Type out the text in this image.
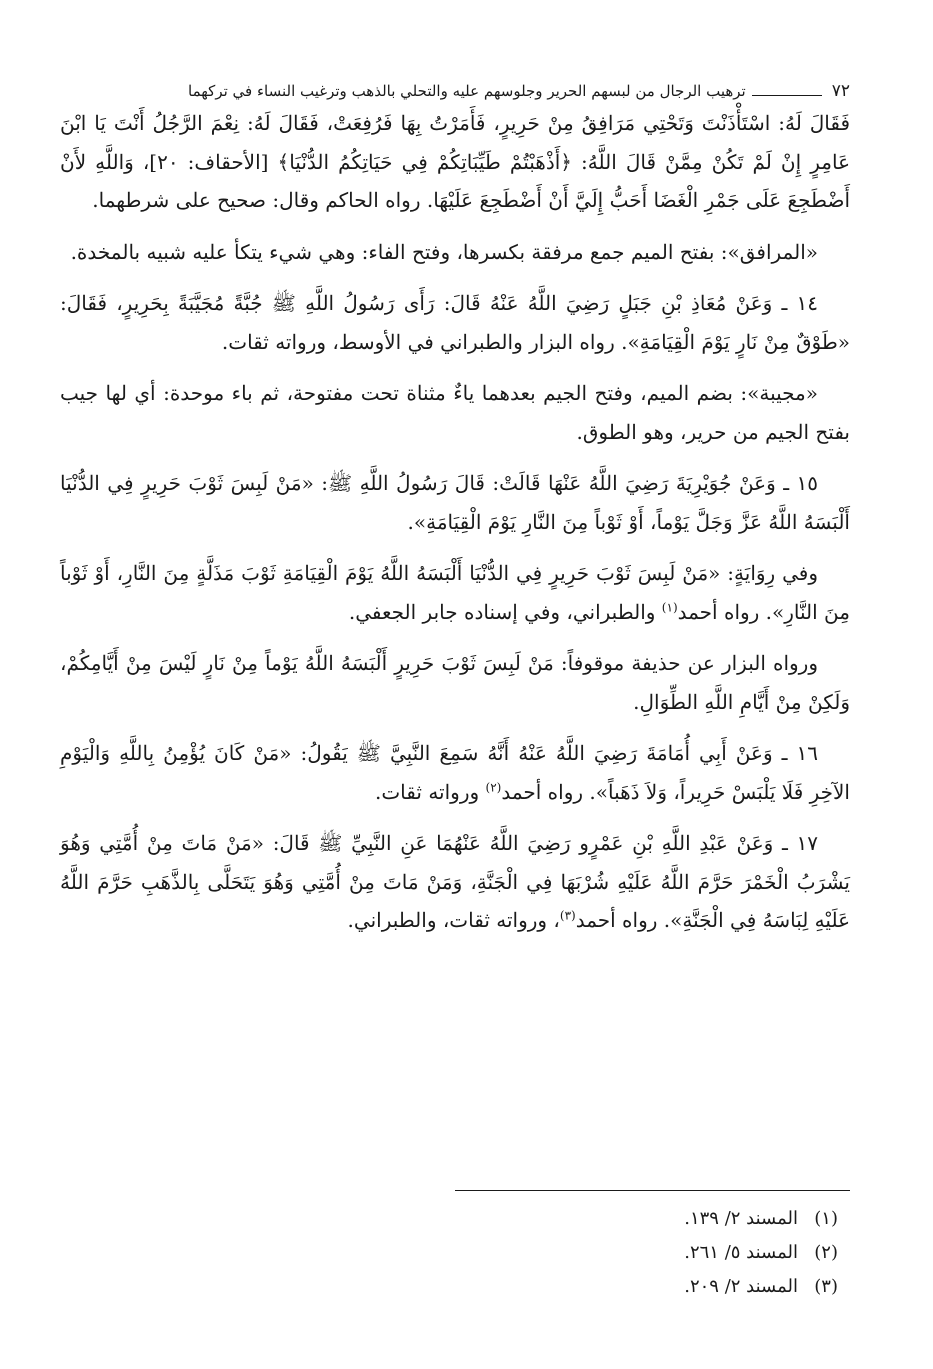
٧٢
ترهيب الرجال من لبسهم الحرير وجلوسهم عليه والتحلي بالذهب وترغيب النساء في تركهما

فَقَالَ لَهُ: اسْتَأْذَنْتَ وَتَحْتِي مَرَافِقُ مِنْ حَرِيرٍ، فَأَمَرْتُ بِهَا فَرُفِعَتْ، فَقَالَ لَهُ: نِعْمَ الرَّجُلُ أَنْتَ يَا ابْنَ عَامِرٍ إِنْ لَمْ تَكُنْ مِمَّنْ قَالَ اللَّهُ: ﴿أَذْهَبْتُمْ طَيِّبَاتِكُمْ فِي حَيَاتِكُمُ الدُّنْيَا﴾ [الأحقاف: ٢٠]، وَاللَّهِ لأَنْ أَضْطَجِعَ عَلَى جَمْرِ الْغَضَا أَحَبُّ إِلَيَّ أَنْ أَضْطَجِعَ عَلَيْهَا. رواه الحاكم وقال: صحيح على شرطهما.

«المرافق»: بفتح الميم جمع مرفقة بكسرها، وفتح الفاء: وهي شيء يتكأ عليه شبيه بالمخدة.

١٤ ـ وَعَنْ مُعَاذِ بْنِ جَبَلٍ رَضِيَ اللَّهُ عَنْهُ قَالَ: رَأَى رَسُولُ اللَّهِ ﷺ جُبَّةً مُجَيَّبَةً بِحَرِيرٍ، فَقَالَ: «طَوْقٌ مِنْ نَارٍ يَوْمَ الْقِيَامَةِ». رواه البزار والطبراني في الأوسط، ورواته ثقات.

«مجيبة»: بضم الميم، وفتح الجيم بعدهما ياءٌ مثناة تحت مفتوحة، ثم باء موحدة: أي لها جيب بفتح الجيم من حرير، وهو الطوق.

١٥ ـ وَعَنْ جُوَيْرِيَةَ رَضِيَ اللَّهُ عَنْهَا قَالَتْ: قَالَ رَسُولُ اللَّهِ ﷺ: «مَنْ لَبِسَ ثَوْبَ حَرِيرٍ فِي الدُّنْيَا أَلْبَسَهُ اللَّهُ عَزَّ وَجَلَّ يَوْماً، أَوْ ثَوْباً مِنَ النَّارِ يَوْمَ الْقِيَامَةِ».

وفي رِوَايَةٍ: «مَنْ لَبِسَ ثَوْبَ حَرِيرٍ فِي الدُّنْيَا أَلْبَسَهُ اللَّهُ يَوْمَ الْقِيَامَةِ ثَوْبَ مَذَلَّةٍ مِنَ النَّارِ، أَوْ ثَوْباً مِنَ النَّارِ». رواه أحمد$^{(١)}$ والطبراني، وفي إسناده جابر الجعفي.

ورواه البزار عن حذيفة موقوفاً: مَنْ لَبِسَ ثَوْبَ حَرِيرٍ أَلْبَسَهُ اللَّهُ يَوْماً مِنْ نَارٍ لَيْسَ مِنْ أَيَّامِكُمْ، وَلَكِنْ مِنْ أَيَّامِ اللَّهِ الطِّوَالِ.

١٦ ـ وَعَنْ أَبِي أُمَامَةَ رَضِيَ اللَّهُ عَنْهُ أَنَّهُ سَمِعَ النَّبِيَّ ﷺ يَقُولُ: «مَنْ كَانَ يُؤْمِنُ بِاللَّهِ وَالْيَوْمِ الآخِرِ فَلَا يَلْبَسْ حَرِيراً، وَلاَ ذَهَباً». رواه أحمد$^{(٢)}$ ورواته ثقات.

١٧ ـ وَعَنْ عَبْدِ اللَّهِ بْنِ عَمْرٍو رَضِيَ اللَّهُ عَنْهُمَا عَنِ النَّبِيِّ ﷺ قَالَ: «مَنْ مَاتَ مِنْ أُمَّتِي وَهُوَ يَشْرَبُ الْخَمْرَ حَرَّمَ اللَّهُ عَلَيْهِ شُرْبَهَا فِي الْجَنَّةِ، وَمَنْ مَاتَ مِنْ أُمَّتِي وَهُوَ يَتَحَلَّى بِالذَّهَبِ حَرَّمَ اللَّهُ عَلَيْهِ لِبَاسَهُ فِي الْجَنَّةِ». رواه أحمد$^{(٣)}$، ورواته ثقات، والطبراني.

(١)
المسند ٢/ ١٣٩.
(٢)
المسند ٥/ ٢٦١.
(٣)
المسند ٢/ ٢٠٩.
